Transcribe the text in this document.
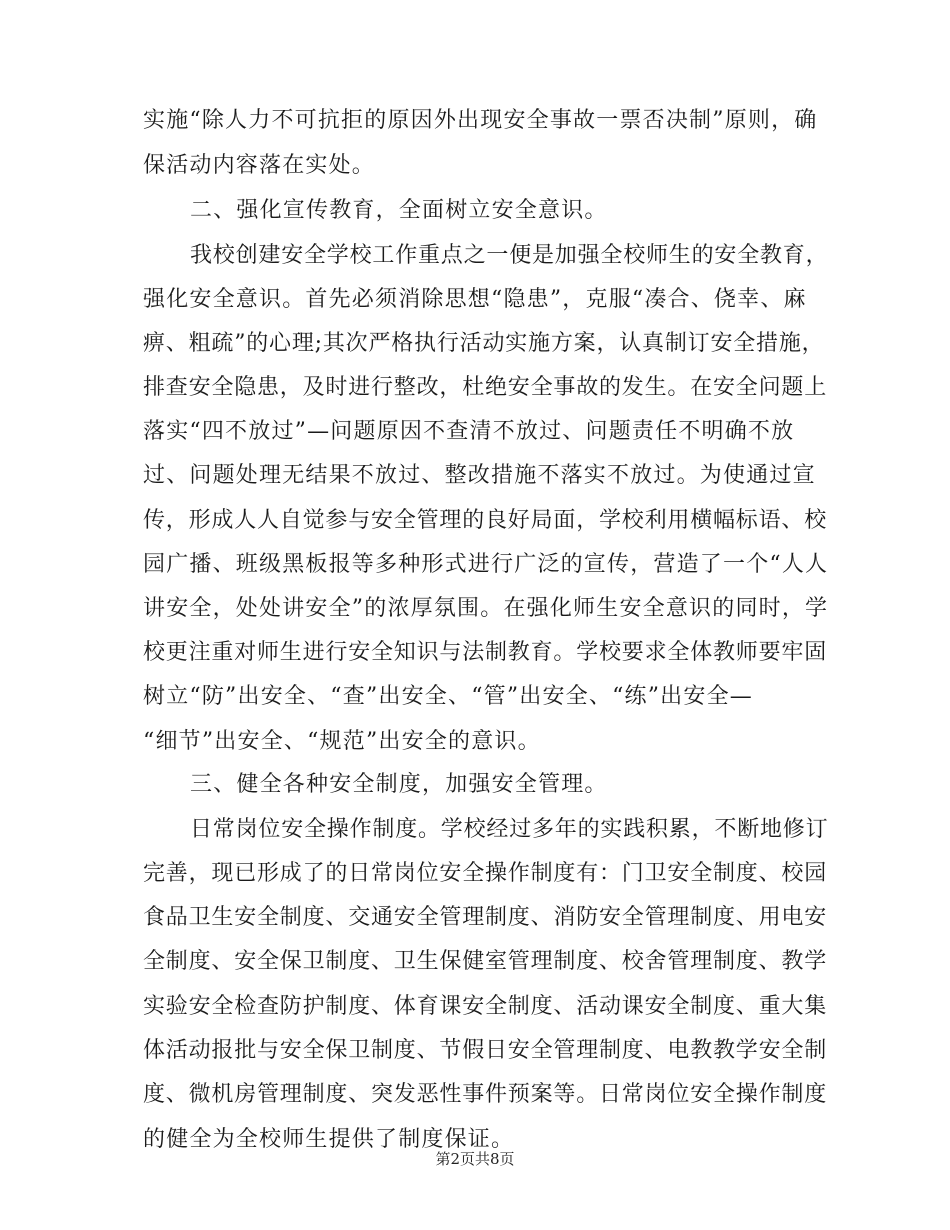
实施“除人力不可抗拒的原因外出现安全事故一票否决制”原则，确
保活动内容落在实处。
二、强化宣传教育，全面树立安全意识。
我校创建安全学校工作重点之一便是加强全校师生的安全教育，
强化安全意识。首先必须消除思想“隐患”，克服“凑合、侥幸、麻
痹、粗疏”的心理;其次严格执行活动实施方案，认真制订安全措施，
排查安全隐患，及时进行整改，杜绝安全事故的发生。在安全问题上
落实“四不放过”—问题原因不查清不放过、问题责任不明确不放
过、问题处理无结果不放过、整改措施不落实不放过。为使通过宣
传，形成人人自觉参与安全管理的良好局面，学校利用横幅标语、校
园广播、班级黑板报等多种形式进行广泛的宣传，营造了一个“人人
讲安全，处处讲安全”的浓厚氛围。在强化师生安全意识的同时，学
校更注重对师生进行安全知识与法制教育。学校要求全体教师要牢固
树立“防”出安全、“查”出安全、“管”出安全、“练”出安全—
“细节”出安全、“规范”出安全的意识。
三、健全各种安全制度，加强安全管理。
日常岗位安全操作制度。学校经过多年的实践积累，不断地修订
完善，现已形成了的日常岗位安全操作制度有：门卫安全制度、校园
食品卫生安全制度、交通安全管理制度、消防安全管理制度、用电安
全制度、安全保卫制度、卫生保健室管理制度、校舍管理制度、教学
实验安全检查防护制度、体育课安全制度、活动课安全制度、重大集
体活动报批与安全保卫制度、节假日安全管理制度、电教教学安全制
度、微机房管理制度、突发恶性事件预案等。日常岗位安全操作制度
的健全为全校师生提供了制度保证。
第2页共8页
